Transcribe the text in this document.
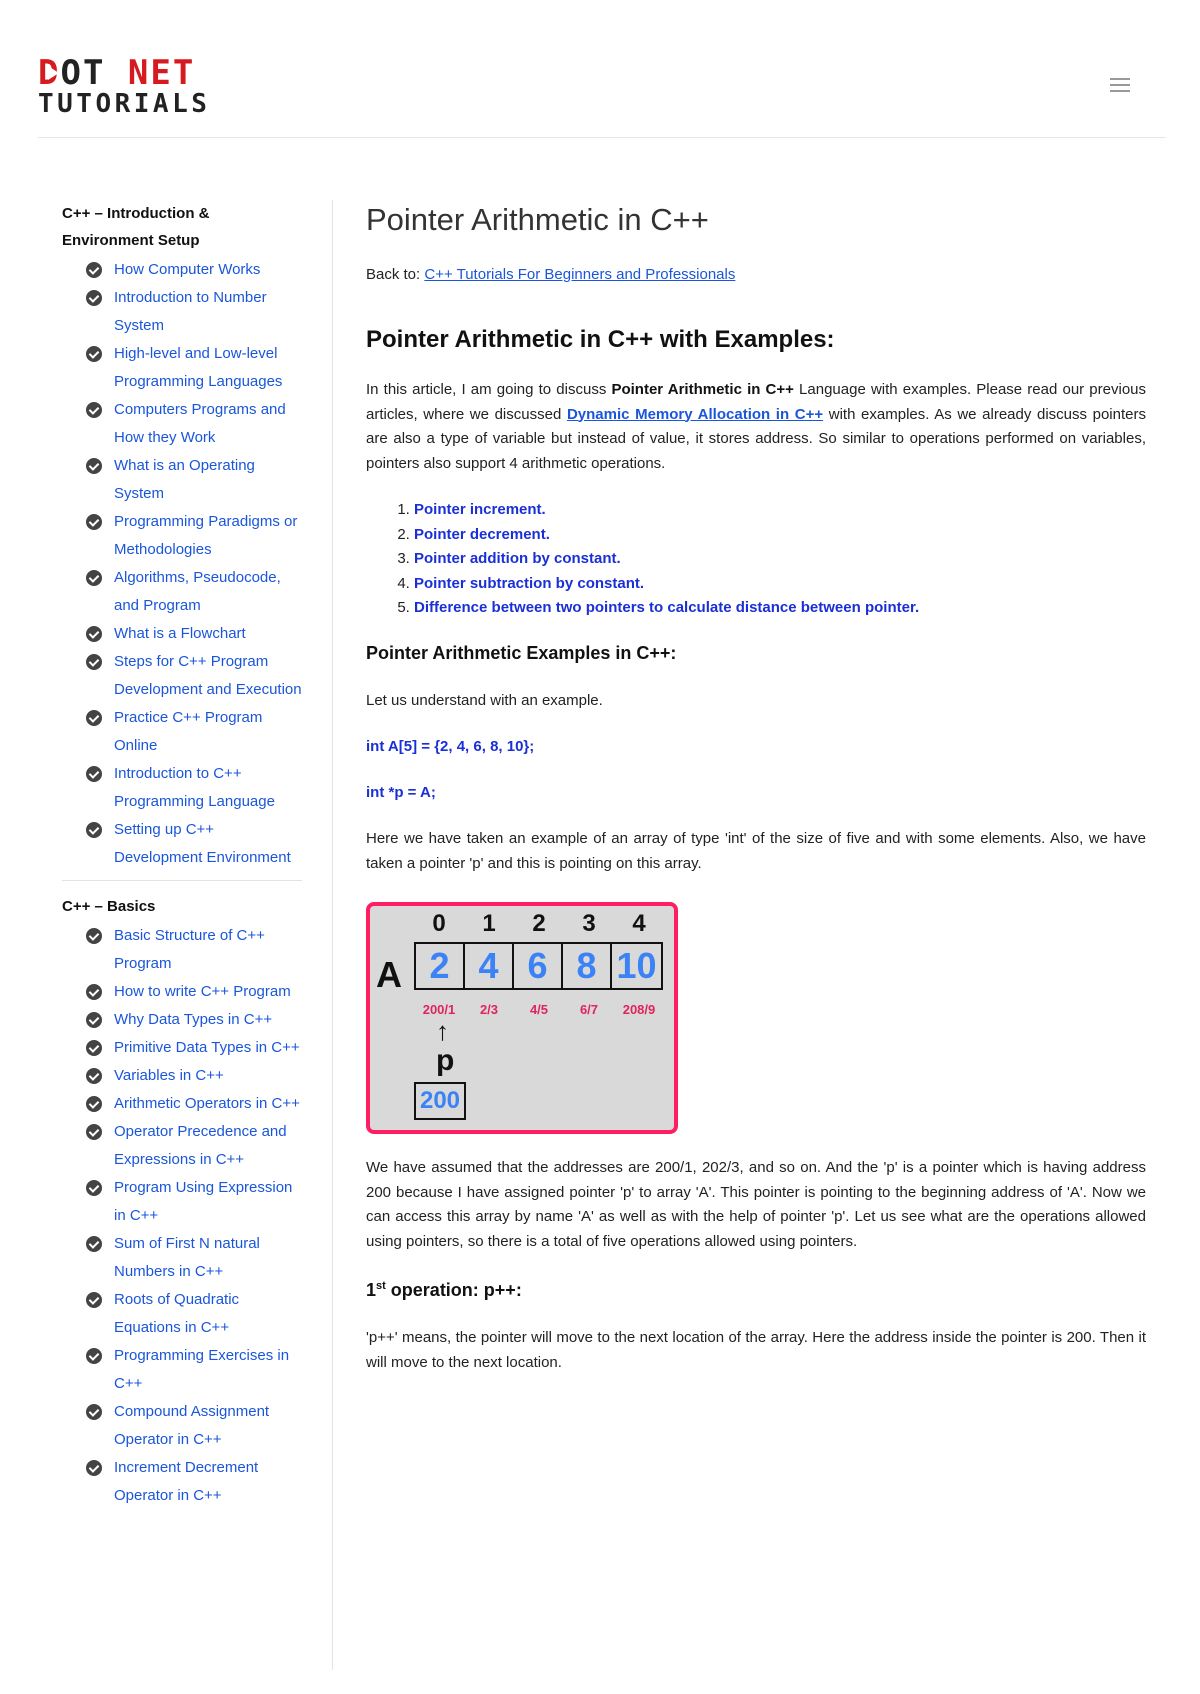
DOT NET
TUTORIALS
C++ – Introduction & Environment Setup
How Computer Works
Introduction to Number System
High-level and Low-level Programming Languages
Computers Programs and How they Work
What is an Operating System
Programming Paradigms or Methodologies
Algorithms, Pseudocode, and Program
What is a Flowchart
Steps for C++ Program Development and Execution
Practice C++ Program Online
Introduction to C++ Programming Language
Setting up C++ Development Environment
C++ – Basics
Basic Structure of C++ Program
How to write C++ Program
Why Data Types in C++
Primitive Data Types in C++
Variables in C++
Arithmetic Operators in C++
Operator Precedence and Expressions in C++
Program Using Expression in C++
Sum of First N natural Numbers in C++
Roots of Quadratic Equations in C++
Programming Exercises in C++
Compound Assignment Operator in C++
Increment Decrement Operator in C++
Pointer Arithmetic in C++
Back to: C++ Tutorials For Beginners and Professionals
Pointer Arithmetic in C++ with Examples:

In this article, I am going to discuss Pointer Arithmetic in C++ Language with examples. Please read our previous articles, where we discussed Dynamic Memory Allocation in C++ with examples. As we already discuss pointers are also a type of variable but instead of value, it stores address. So similar to operations performed on variables, pointers also support 4 arithmetic operations.

1. Pointer increment.
2. Pointer decrement.
3. Pointer addition by constant.
4. Pointer subtraction by constant.
5. Difference between two pointers to calculate distance between pointer.
Pointer Arithmetic Examples in C++:

Let us understand with an example.

int A[5] = {2, 4, 6, 8, 10};
int *p = A;

Here we have taken an example of an array of type 'int' of the size of five and with some elements. Also, we have taken a pointer 'p' and this is pointing on this array.

A
0	1	2	3	4
2 4 6 8 10
200/1	2/3	4/5	6/7	208/9
↑
p
200

We have assumed that the addresses are 200/1, 202/3, and so on. And the 'p' is a pointer which is having address 200 because I have assigned pointer 'p' to array 'A'. This pointer is pointing to the beginning address of 'A'. Now we can access this array by name 'A' as well as with the help of pointer 'p'. Let us see what are the operations allowed using pointers, so there is a total of five operations allowed using pointers.

1st operation: p++:

'p++' means, the pointer will move to the next location of the array. Here the address inside the pointer is 200. Then it will move to the next location.
